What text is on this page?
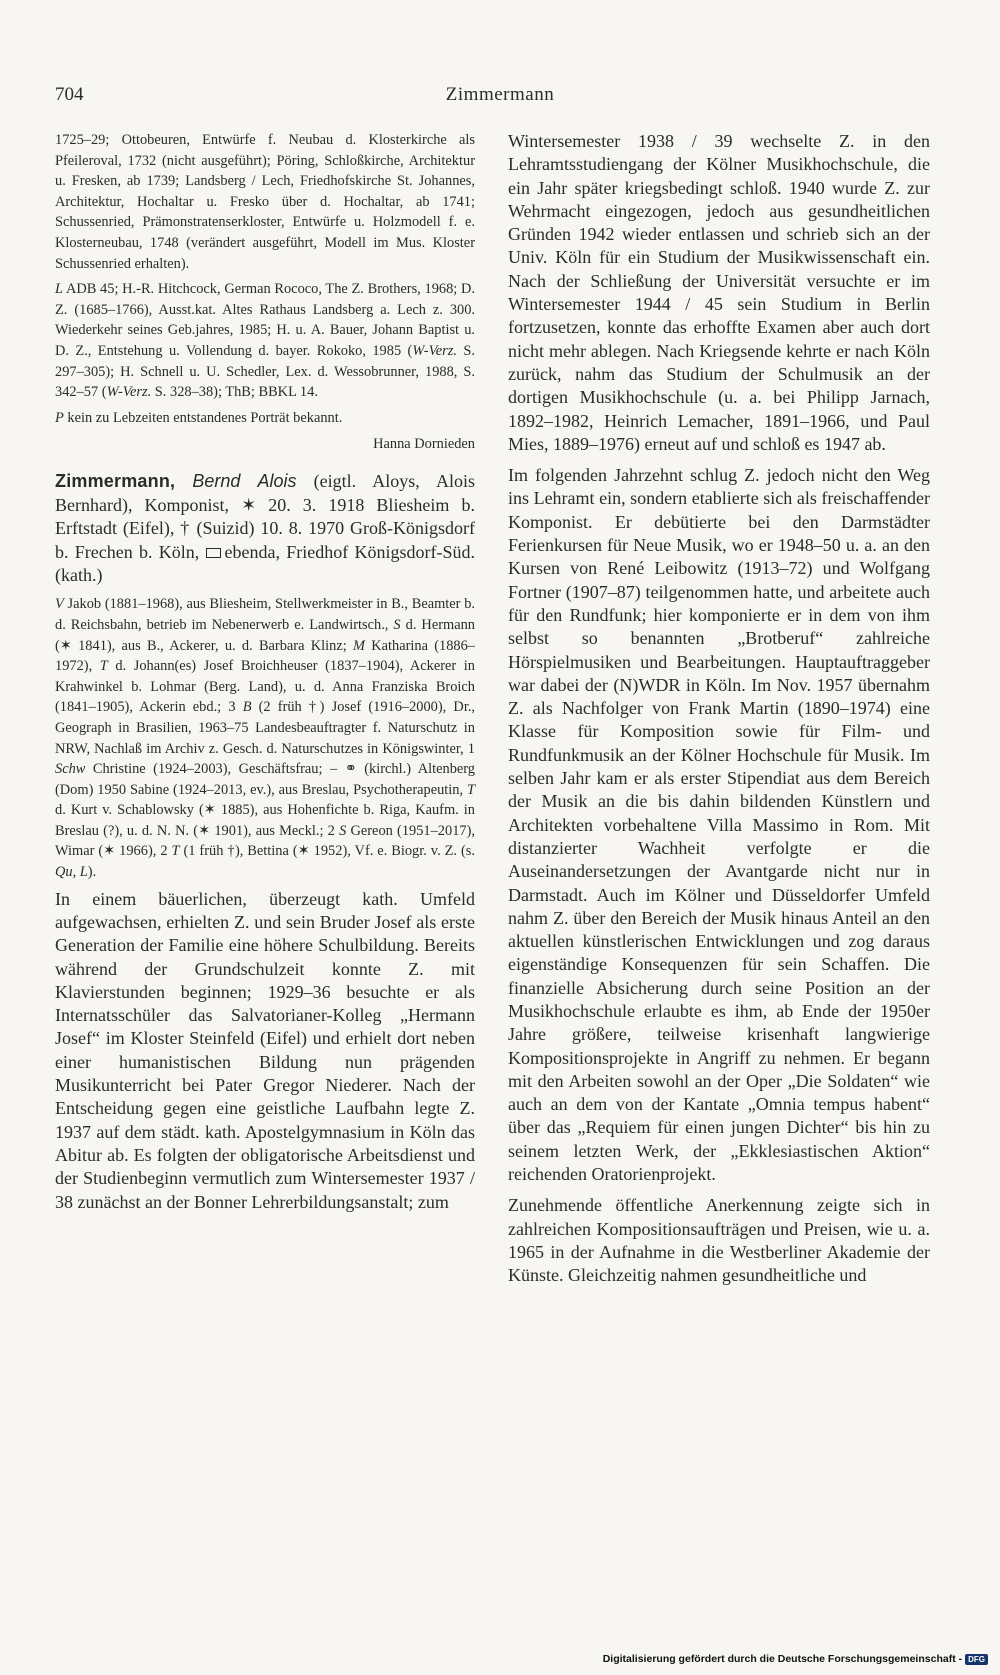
704	Zimmermann

1725–29; Ottobeuren, Entwürfe f. Neubau d. Klosterkirche als Pfeileroval, 1732 (nicht ausgeführt); Pöring, Schloßkirche, Architektur u. Fresken, ab 1739; Landsberg / Lech, Friedhofskirche St. Johannes, Architektur, Hochaltar u. Fresko über d. Hochaltar, ab 1741; Schussenried, Prämonstratenserkloster, Entwürfe u. Holzmodell f. e. Klosterneubau, 1748 (verändert ausgeführt, Modell im Mus. Kloster Schussenried erhalten).

L ADB 45; H.-R. Hitchcock, German Rococo, The Z. Brothers, 1968; D. Z. (1685–1766), Ausst.kat. Altes Rathaus Landsberg a. Lech z. 300. Wiederkehr seines Geb.jahres, 1985; H. u. A. Bauer, Johann Baptist u. D. Z., Entstehung u. Vollendung d. bayer. Rokoko, 1985 (W-Verz. S. 297–305); H. Schnell u. U. Schedler, Lex. d. Wessobrunner, 1988, S. 342–57 (W-Verz. S. 328–38); ThB; BBKL 14.

P kein zu Lebzeiten entstandenes Porträt bekannt.

Hanna Dornieden

Zimmermann, Bernd Alois (eigtl. Aloys, Alois Bernhard), Komponist, ✶ 20. 3. 1918 Bliesheim b. Erftstadt (Eifel), † (Suizid) 10. 8. 1970 Groß-Königsdorf b. Frechen b. Köln, ebenda, Friedhof Königsdorf-Süd. (kath.)

V Jakob (1881–1968), aus Bliesheim, Stellwerkmeister in B., Beamter b. d. Reichsbahn, betrieb im Nebenerwerb e. Landwirtsch., S d. Hermann (✶ 1841), aus B., Ackerer, u. d. Barbara Klinz; M Katharina (1886–1972), T d. Johann(es) Josef Broichheuser (1837–1904), Ackerer in Krahwinkel b. Lohmar (Berg. Land), u. d. Anna Franziska Broich (1841–1905), Ackerin ebd.; 3 B (2 früh †) Josef (1916–2000), Dr., Geograph in Brasilien, 1963–75 Landesbeauftragter f. Naturschutz in NRW, Nachlaß im Archiv z. Gesch. d. Naturschutzes in Königswinter, 1 Schw Christine (1924–2003), Geschäftsfrau; – ⚭ (kirchl.) Altenberg (Dom) 1950 Sabine (1924–2013, ev.), aus Breslau, Psychotherapeutin, T d. Kurt v. Schablowsky (✶ 1885), aus Hohenfichte b. Riga, Kaufm. in Breslau (?), u. d. N. N. (✶ 1901), aus Meckl.; 2 S Gereon (1951–2017), Wimar (✶ 1966), 2 T (1 früh †), Bettina (✶ 1952), Vf. e. Biogr. v. Z. (s. Qu, L).

In einem bäuerlichen, überzeugt kath. Umfeld aufgewachsen, erhielten Z. und sein Bruder Josef als erste Generation der Familie eine höhere Schulbildung. Bereits während der Grundschulzeit konnte Z. mit Klavierstunden beginnen; 1929–36 besuchte er als Internatsschüler das Salvatorianer-Kolleg „Hermann Josef“ im Kloster Steinfeld (Eifel) und erhielt dort neben einer humanistischen Bildung nun prägenden Musikunterricht bei Pater Gregor Niederer. Nach der Entscheidung gegen eine geistliche Laufbahn legte Z. 1937 auf dem städt. kath. Apostelgymnasium in Köln das Abitur ab. Es folgten der obligatorische Arbeitsdienst und der Studienbeginn vermutlich zum Wintersemester 1937 / 38 zunächst an der Bonner Lehrerbildungsanstalt; zum

Wintersemester 1938 / 39 wechselte Z. in den Lehramtsstudiengang der Kölner Musikhochschule, die ein Jahr später kriegsbedingt schloß. 1940 wurde Z. zur Wehrmacht eingezogen, jedoch aus gesundheitlichen Gründen 1942 wieder entlassen und schrieb sich an der Univ. Köln für ein Studium der Musikwissenschaft ein. Nach der Schließung der Universität versuchte er im Wintersemester 1944 / 45 sein Studium in Berlin fortzusetzen, konnte das erhoffte Examen aber auch dort nicht mehr ablegen. Nach Kriegsende kehrte er nach Köln zurück, nahm das Studium der Schulmusik an der dortigen Musikhochschule (u. a. bei Philipp Jarnach, 1892–1982, Heinrich Lemacher, 1891–1966, und Paul Mies, 1889–1976) erneut auf und schloß es 1947 ab.

Im folgenden Jahrzehnt schlug Z. jedoch nicht den Weg ins Lehramt ein, sondern etablierte sich als freischaffender Komponist. Er debütierte bei den Darmstädter Ferienkursen für Neue Musik, wo er 1948–50 u. a. an den Kursen von René Leibowitz (1913–72) und Wolfgang Fortner (1907–87) teilgenommen hatte, und arbeitete auch für den Rundfunk; hier komponierte er in dem von ihm selbst so benannten „Brotberuf“ zahlreiche Hörspielmusiken und Bearbeitungen. Hauptauftraggeber war dabei der (N)WDR in Köln. Im Nov. 1957 übernahm Z. als Nachfolger von Frank Martin (1890–1974) eine Klasse für Komposition sowie für Film- und Rundfunkmusik an der Kölner Hochschule für Musik. Im selben Jahr kam er als erster Stipendiat aus dem Bereich der Musik an die bis dahin bildenden Künstlern und Architekten vorbehaltene Villa Massimo in Rom. Mit distanzierter Wachheit verfolgte er die Auseinandersetzungen der Avantgarde nicht nur in Darmstadt. Auch im Kölner und Düsseldorfer Umfeld nahm Z. über den Bereich der Musik hinaus Anteil an den aktuellen künstlerischen Entwicklungen und zog daraus eigenständige Konsequenzen für sein Schaffen. Die finanzielle Absicherung durch seine Position an der Musikhochschule erlaubte es ihm, ab Ende der 1950er Jahre größere, teilweise krisenhaft langwierige Kompositionsprojekte in Angriff zu nehmen. Er begann mit den Arbeiten sowohl an der Oper „Die Soldaten“ wie auch an dem von der Kantate „Omnia tempus habent“ über das „Requiem für einen jungen Dichter“ bis hin zu seinem letzten Werk, der „Ekklesiastischen Aktion“ reichenden Oratorienprojekt.

Zunehmende öffentliche Anerkennung zeigte sich in zahlreichen Kompositionsaufträgen und Preisen, wie u. a. 1965 in der Aufnahme in die Westberliner Akademie der Künste. Gleichzeitig nahmen gesundheitliche und

Digitalisierung gefördert durch die Deutsche Forschungsgemeinschaft - DFG
